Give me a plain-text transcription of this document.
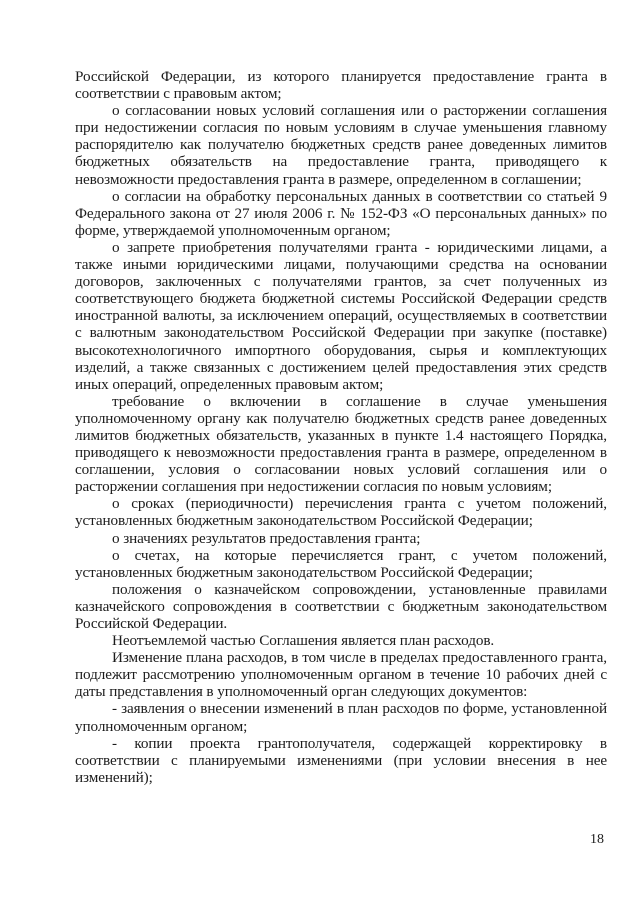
Российской Федерации, из которого планируется предоставление гранта в соответствии с правовым актом;

о согласовании новых условий соглашения или о расторжении соглашения при недостижении согласия по новым условиям в случае уменьшения главному распорядителю как получателю бюджетных средств ранее доведенных лимитов бюджетных обязательств на предоставление гранта, приводящего к невозможности предоставления гранта в размере, определенном в соглашении;

о согласии на обработку персональных данных в соответствии со статьей 9 Федерального закона от 27 июля 2006 г. № 152-ФЗ «О персональных данных» по форме, утверждаемой уполномоченным органом;

о запрете приобретения получателями гранта - юридическими лицами, а также иными юридическими лицами, получающими средства на основании договоров, заключенных с получателями грантов, за счет полученных из соответствующего бюджета бюджетной системы Российской Федерации средств иностранной валюты, за исключением операций, осуществляемых в соответствии с валютным законодательством Российской Федерации при закупке (поставке) высокотехнологичного импортного оборудования, сырья и комплектующих изделий, а также связанных с достижением целей предоставления этих средств иных операций, определенных правовым актом;

требование о включении в соглашение в случае уменьшения уполномоченному органу как получателю бюджетных средств ранее доведенных лимитов бюджетных обязательств, указанных в пункте 1.4 настоящего Порядка, приводящего к невозможности предоставления гранта в размере, определенном в соглашении, условия о согласовании новых условий соглашения или о расторжении соглашения при недостижении согласия по новым условиям;

о сроках (периодичности) перечисления гранта с учетом положений, установленных бюджетным законодательством Российской Федерации;

о значениях результатов предоставления гранта;

о счетах, на которые перечисляется грант, с учетом положений, установленных бюджетным законодательством Российской Федерации;

положения о казначейском сопровождении, установленные правилами казначейского сопровождения в соответствии с бюджетным законодательством Российской Федерации.

Неотъемлемой частью Соглашения является план расходов.

Изменение плана расходов, в том числе в пределах предоставленного гранта, подлежит рассмотрению уполномоченным органом в течение 10 рабочих дней с даты представления в уполномоченный орган следующих документов:

- заявления о внесении изменений в план расходов по форме, установленной уполномоченным органом;

- копии проекта грантополучателя, содержащей корректировку в соответствии с планируемыми изменениями (при условии внесения в нее изменений);

18
